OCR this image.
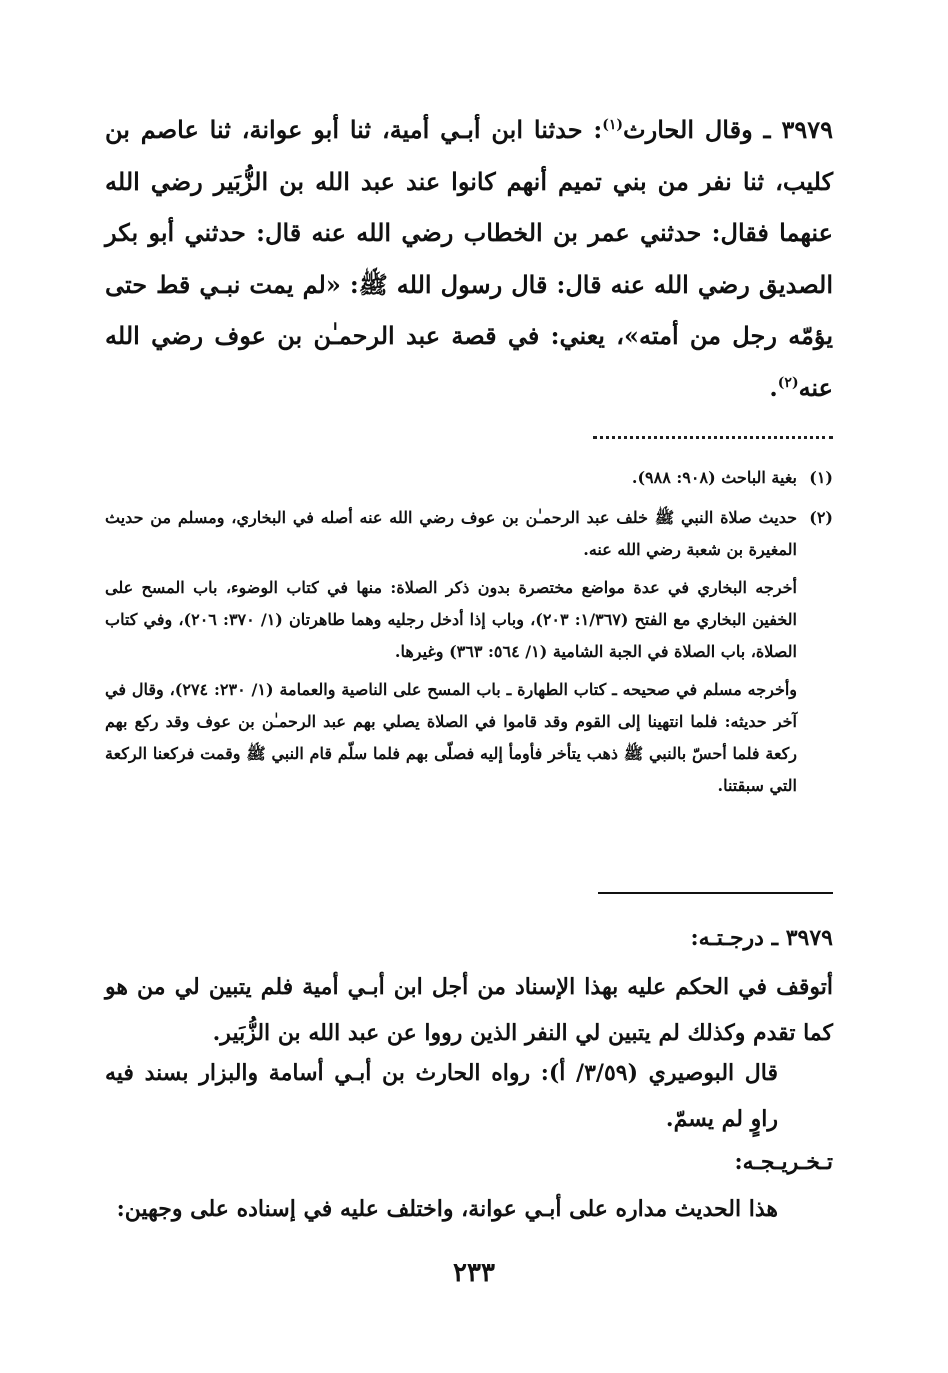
٣٩٧٩ ـ وقال الحارث$^{(١)}$: حدثنا ابن أبـي أمية، ثنا أبو عوانة، ثنا عاصم بن كليب، ثنا نفر من بني تميم أنهم كانوا عند عبد الله بن الزُّبَير رضي الله عنهما فقال: حدثني عمر بن الخطاب رضي الله عنه قال: حدثني أبو بكر الصديق رضي الله عنه قال: قال رسول الله ﷺ: «لم يمت نبـي قط حتى يؤمّه رجل من أمته»، يعني: في قصة عبد الرحمـٰن بن عوف رضي الله عنه$^{(٢)}$.
(١)
بغية الباحث (٩٠٨: ٩٨٨).
(٢)
حديث صلاة النبي ﷺ خلف عبد الرحمـٰن بن عوف رضي الله عنه أصله في البخاري، ومسلم من حديث المغيرة بن شعبة رضي الله عنه.
أخرجه البخاري في عدة مواضع مختصرة بدون ذكر الصلاة: منها في كتاب الوضوء، باب المسح على الخفين البخاري مع الفتح (١/٣٦٧: ٢٠٣)، وباب إذا أدخل رجليه وهما طاهرتان (١/ ٣٧٠: ٢٠٦)، وفي كتاب الصلاة، باب الصلاة في الجبة الشامية (١/ ٥٦٤: ٣٦٣) وغيرها.
وأخرجه مسلم في صحيحه ـ كتاب الطهارة ـ باب المسح على الناصية والعمامة (١/ ٢٣٠: ٢٧٤)، وقال في آخر حديثه: فلما انتهينا إلى القوم وقد قاموا في الصلاة يصلي بهم عبد الرحمـٰن بن عوف وقد ركع بهم ركعة فلما أحسّ بالنبي ﷺ ذهب يتأخر فأومأ إليه فصلّى بهم فلما سلّم قام النبي ﷺ وقمت فركعنا الركعة التي سبقتنا.
٣٩٧٩ ـ درجـتـه:
أتوقف في الحكم عليه بهذا الإسناد من أجل ابن أبـي أمية فلم يتبين لي من هو كما تقدم وكذلك لم يتبين لي النفر الذين رووا عن عبد الله بن الزُّبَير.
قال البوصيري (٣/٥٩/ أ): رواه الحارث بن أبـي أسامة والبزار بسند فيه راوٍ لم يسمّ.
تـخـريـجـه:
هذا الحديث مداره على أبـي عوانة، واختلف عليه في إسناده على وجهين:
٢٣٣
